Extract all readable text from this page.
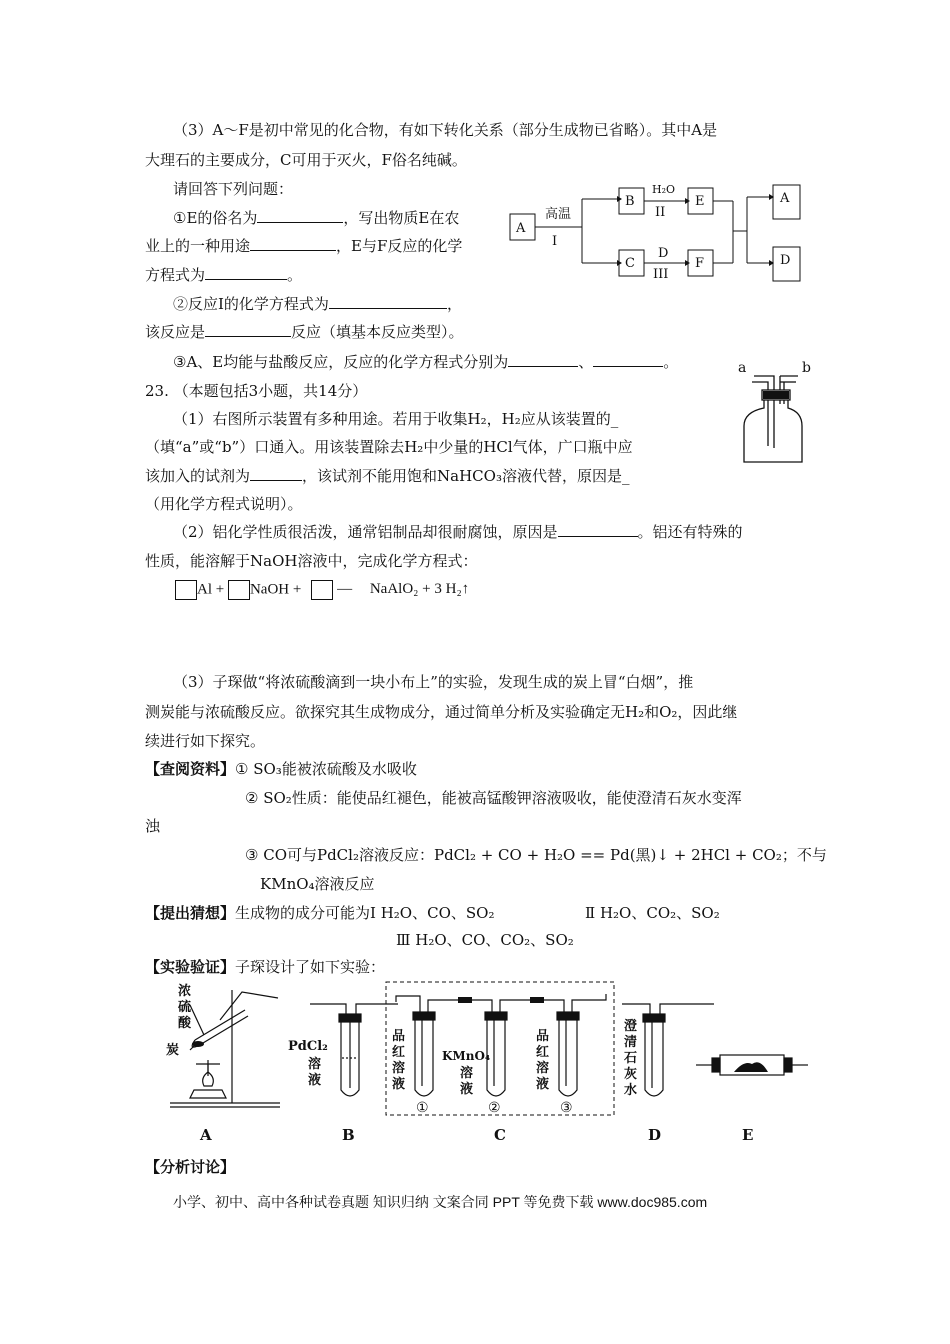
（3）A～F是初中常见的化合物，有如下转化关系（部分生成物已省略）。其中A是
大理石的主要成分，C可用于灭火，F俗名纯碱。
请回答下列问题：
①E的俗名为	，写出物质E在农
业上的一种用途	，E与F反应的化学
方程式为	。
②反应Ⅰ的化学方程式为	，
该反应是	反应（填基本反应类型）。
③A、E均能与盐酸反应，反应的化学方程式分别为	、	。
A
B
C
E
F
A
D
高温
I
H₂O
II
D
III
23. （本题包括3小题，共14分）
（1）右图所示装置有多种用途。若用于收集H₂，H₂应从该装置的_
（填“a”或“b”）口通入。用该装置除去H₂中少量的HCl气体，广口瓶中应
该加入的试剂为	，该试剂不能用饱和NaHCO₃溶液代替，原因是_
（用化学方程式说明）。
a	b
（2）铝化学性质很活泼，通常铝制品却很耐腐蚀，原因是	。铝还有特殊的
性质，能溶解于NaOH溶液中，完成化学方程式：
Al + NaOH + — NaAlO₂ + 3 H₂↑
（3）子琛做“将浓硫酸滴到一块小布上”的实验，发现生成的炭上冒“白烟”，推
测炭能与浓硫酸反应。欲探究其生成物成分，通过简单分析及实验确定无H₂和O₂，因此继
续进行如下探究。
【查阅资料】① SO₃能被浓硫酸及水吸收
② SO₂性质：能使品红褪色，能被高锰酸钾溶液吸收，能使澄清石灰水变浑
浊
③ CO可与PdCl₂溶液反应：PdCl₂ + CO + H₂O == Pd(黑)↓ + 2HCl + CO₂；不与
KMnO₄溶液反应
【提出猜想】生成物的成分可能为Ⅰ H₂O、CO、SO₂	Ⅱ H₂O、CO₂、SO₂
Ⅲ H₂O、CO、CO₂、SO₂
【实验验证】子琛设计了如下实验：
浓
硫
酸
炭	PdCl₂
溶
液
品
红
溶
液
KMnO₄
溶
液
品
红
溶
液
①	②	③
澄
清
石
灰
水
A	B	C	D	E
【分析讨论】
小学、初中、高中各种试卷真题 知识归纳 文案合同 PPT 等免费下载 www.doc985.com
